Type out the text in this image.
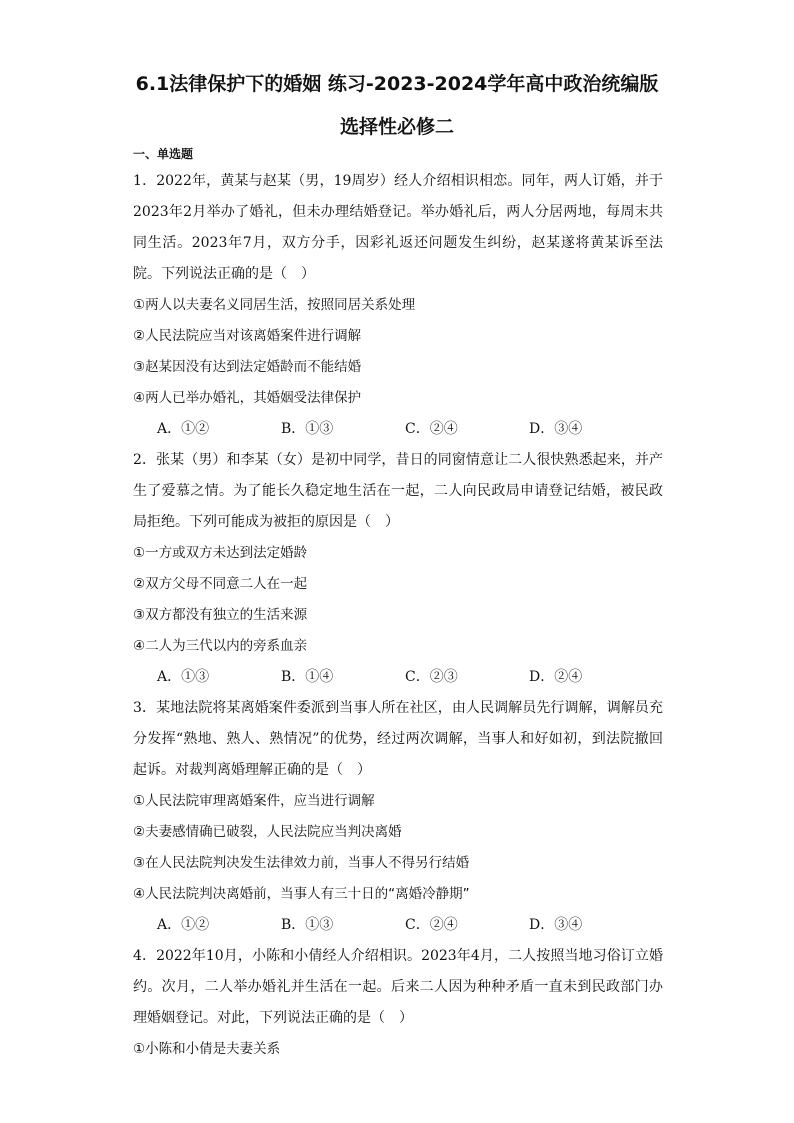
6.1法律保护下的婚姻 练习-2023-2024学年高中政治统编版
选择性必修二
一、单选题

1．2022年，黄某与赵某（男，19周岁）经人介绍相识相恋。同年，两人订婚，并于2023年2月举办了婚礼，但未办理结婚登记。举办婚礼后，两人分居两地，每周末共同生活。2023年7月，双方分手，因彩礼返还问题发生纠纷，赵某遂将黄某诉至法院。下列说法正确的是（　）

①两人以夫妻名义同居生活，按照同居关系处理

②人民法院应当对该离婚案件进行调解

③赵某因没有达到法定婚龄而不能结婚

④两人已举办婚礼，其婚姻受法律保护

A．①②	B．①③	C．②④	D．③④

2．张某（男）和李某（女）是初中同学，昔日的同窗情意让二人很快熟悉起来，并产生了爱慕之情。为了能长久稳定地生活在一起，二人向民政局申请登记结婚，被民政局拒绝。下列可能成为被拒的原因是（　）

①一方或双方未达到法定婚龄

②双方父母不同意二人在一起

③双方都没有独立的生活来源

④二人为三代以内的旁系血亲

A．①③	B．①④	C．②③	D．②④

3．某地法院将某离婚案件委派到当事人所在社区，由人民调解员先行调解，调解员充分发挥“熟地、熟人、熟情况”的优势，经过两次调解，当事人和好如初，到法院撤回起诉。对裁判离婚理解正确的是（　）

①人民法院审理离婚案件，应当进行调解

②夫妻感情确已破裂，人民法院应当判决离婚

③在人民法院判决发生法律效力前，当事人不得另行结婚

④人民法院判决离婚前，当事人有三十日的“离婚冷静期”

A．①②	B．①③	C．②④	D．③④

4．2022年10月，小陈和小倩经人介绍相识。2023年4月，二人按照当地习俗订立婚约。次月，二人举办婚礼并生活在一起。后来二人因为种种矛盾一直未到民政部门办理婚姻登记。对此，下列说法正确的是（　）

①小陈和小倩是夫妻关系
